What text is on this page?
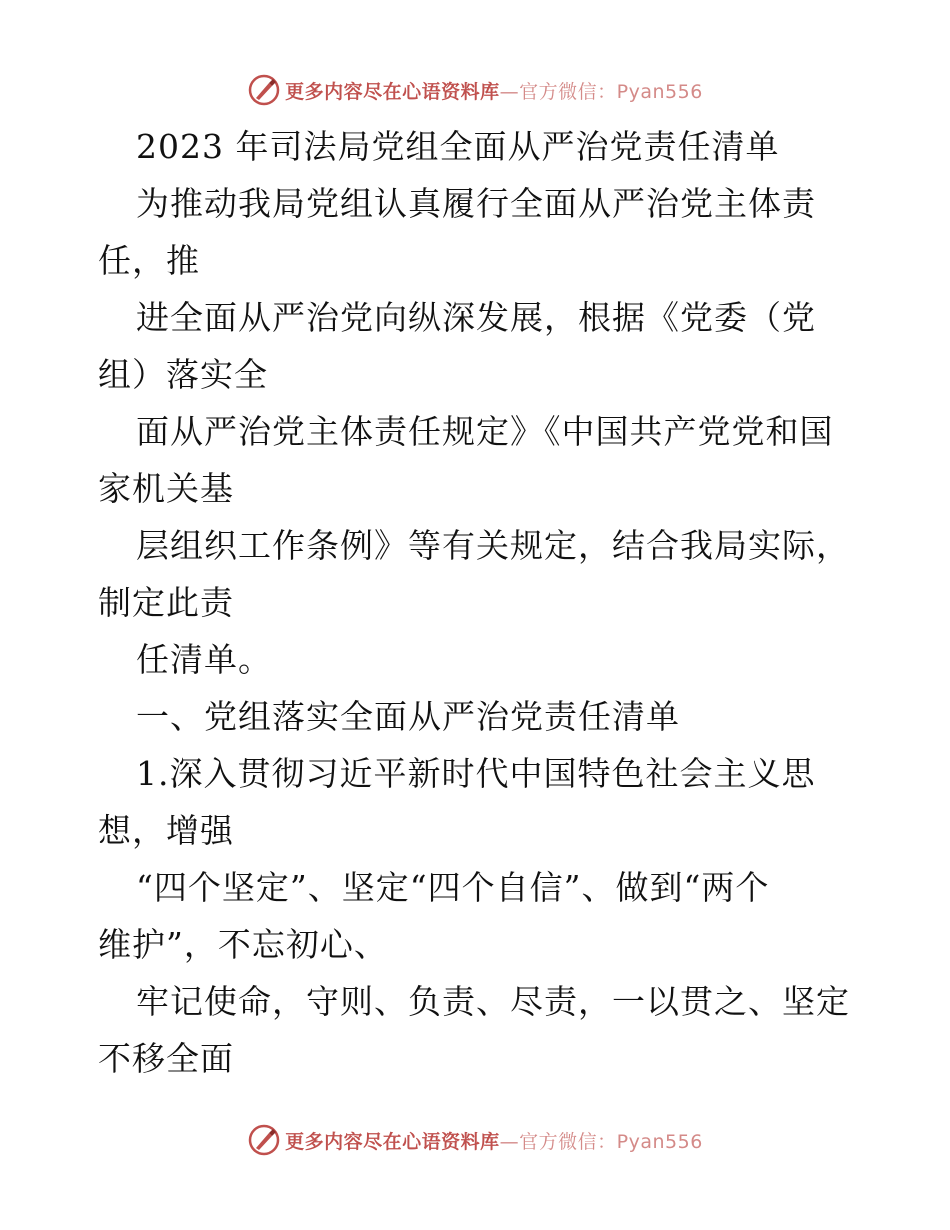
更多内容尽在心语资料库—官方微信：Pyan556
2023 年司法局党组全面从严治党责任清单
为推动我局党组认真履行全面从严治党主体责
任，推
进全面从严治党向纵深发展，根据《党委（党
组）落实全
面从严治党主体责任规定》《中国共产党党和国
家机关基
层组织工作条例》等有关规定，结合我局实际，
制定此责
任清单。
一、党组落实全面从严治党责任清单
1.深入贯彻习近平新时代中国特色社会主义思
想，增强
“四个坚定”、坚定“四个自信”、做到“两个
维护”，不忘初心、
牢记使命，守则、负责、尽责，一以贯之、坚定
不移全面
更多内容尽在心语资料库—官方微信：Pyan556
